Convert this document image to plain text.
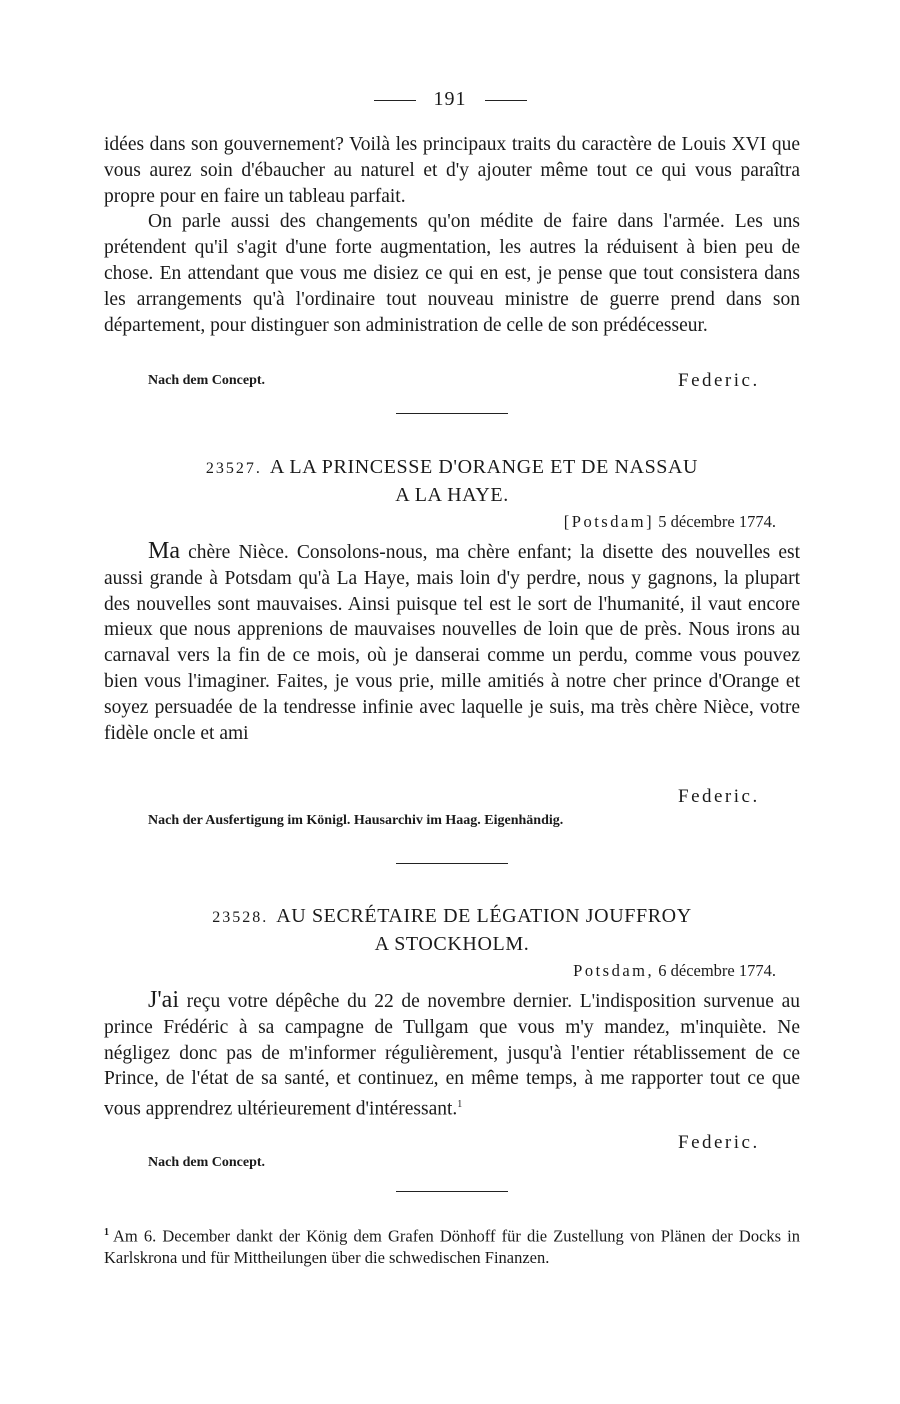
191

idées dans son gouvernement? Voilà les principaux traits du caractère de Louis XVI que vous aurez soin d'ébaucher au naturel et d'y ajouter même tout ce qui vous paraîtra propre pour en faire un tableau parfait.

On parle aussi des changements qu'on médite de faire dans l'armée. Les uns prétendent qu'il s'agit d'une forte augmentation, les autres la réduisent à bien peu de chose. En attendant que vous me disiez ce qui en est, je pense que tout consistera dans les arrangements qu'à l'ordinaire tout nouveau ministre de guerre prend dans son département, pour distinguer son administration de celle de son prédécesseur.

Nach dem Concept.	Federic.
23527. A LA PRINCESSE D'ORANGE ET DE NASSAU
A LA HAYE.
[Potsdam] 5 décembre 1774.

Ma chère Nièce. Consolons-nous, ma chère enfant; la disette des nouvelles est aussi grande à Potsdam qu'à La Haye, mais loin d'y perdre, nous y gagnons, la plupart des nouvelles sont mauvaises. Ainsi puisque tel est le sort de l'humanité, il vaut encore mieux que nous apprenions de mauvaises nouvelles de loin que de près. Nous irons au carnaval vers la fin de ce mois, où je danserai comme un perdu, comme vous pouvez bien vous l'imaginer. Faites, je vous prie, mille amitiés à notre cher prince d'Orange et soyez persuadée de la tendresse infinie avec laquelle je suis, ma très chère Nièce, votre fidèle oncle et ami

Federic.
Nach der Ausfertigung im Königl. Hausarchiv im Haag. Eigenhändig.
23528. AU SECRÉTAIRE DE LÉGATION JOUFFROY
A STOCKHOLM.
Potsdam, 6 décembre 1774.

J'ai reçu votre dépêche du 22 de novembre dernier. L'indisposition survenue au prince Frédéric à sa campagne de Tullgam que vous m'y mandez, m'inquiète. Ne négligez donc pas de m'informer régulièrement, jusqu'à l'entier rétablissement de ce Prince, de l'état de sa santé, et continuez, en même temps, à me rapporter tout ce que vous apprendrez ultérieurement d'intéressant.$^1$

Federic.
Nach dem Concept.

$^1$ Am 6. December dankt der König dem Grafen Dönhoff für die Zustellung von Plänen der Docks in Karlskrona und für Mittheilungen über die schwedischen Finanzen.
